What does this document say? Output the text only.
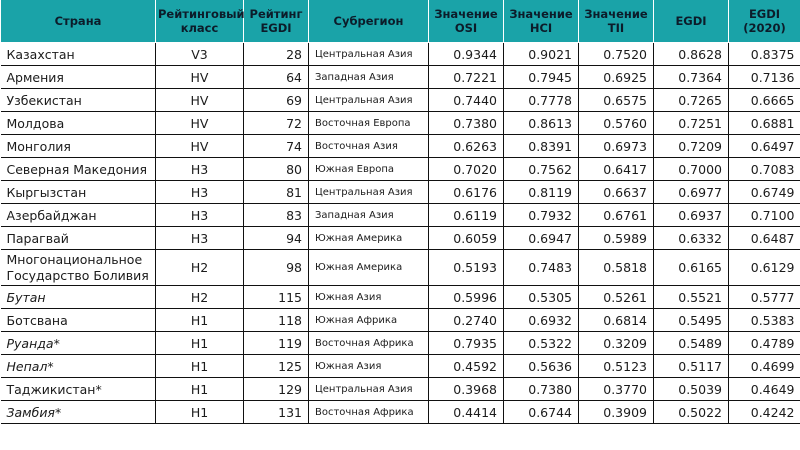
Страна	Рейтинговый класс	Рейтинг EGDI	Субрегион	Значение OSI	Значение HCI	Значение TII	EGDI	EGDI (2020)
Казахстан	V3	28	Центральная Азия	0.9344	0.9021	0.7520	0.8628	0.8375
Армения	HV	64	Западная Азия	0.7221	0.7945	0.6925	0.7364	0.7136
Узбекистан	HV	69	Центральная Азия	0.7440	0.7778	0.6575	0.7265	0.6665
Молдова	HV	72	Восточная Европа	0.7380	0.8613	0.5760	0.7251	0.6881
Монголия	HV	74	Восточная Азия	0.6263	0.8391	0.6973	0.7209	0.6497
Северная Македония	H3	80	Южная Европа	0.7020	0.7562	0.6417	0.7000	0.7083
Кыргызстан	H3	81	Центральная Азия	0.6176	0.8119	0.6637	0.6977	0.6749
Азербайджан	H3	83	Западная Азия	0.6119	0.7932	0.6761	0.6937	0.7100
Парагвай	H3	94	Южная Америка	0.6059	0.6947	0.5989	0.6332	0.6487
Многонациональное Государство Боливия	H2	98	Южная Америка	0.5193	0.7483	0.5818	0.6165	0.6129
Бутан	H2	115	Южная Азия	0.5996	0.5305	0.5261	0.5521	0.5777
Ботсвана	H1	118	Южная Африка	0.2740	0.6932	0.6814	0.5495	0.5383
Руанда*	H1	119	Восточная Африка	0.7935	0.5322	0.3209	0.5489	0.4789
Непал*	H1	125	Южная Азия	0.4592	0.5636	0.5123	0.5117	0.4699
Таджикистан*	H1	129	Центральная Азия	0.3968	0.7380	0.3770	0.5039	0.4649
Замбия*	H1	131	Восточная Африка	0.4414	0.6744	0.3909	0.5022	0.4242
